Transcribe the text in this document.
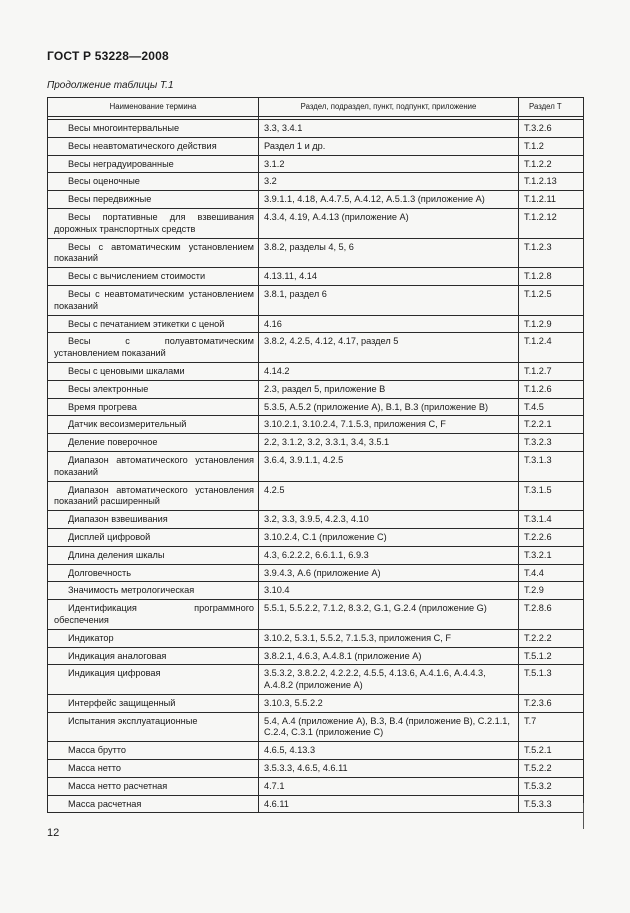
ГОСТ Р 53228—2008
Продолжение таблицы Т.1
Наименование термина	Раздел, подраздел, пункт, подпункт, приложение	Раздел Т

Весы многоинтервальные	3.3, 3.4.1	Т.3.2.6

Весы неавтоматического действия	Раздел 1 и др.	Т.1.2

Весы неградуированные	3.1.2	Т.1.2.2

Весы оценочные	3.2	Т.1.2.13

Весы передвижные	3.9.1.1, 4.18, А.4.7.5, А.4.12, А.5.1.3 (приложение А)	Т.1.2.11

Весы портативные для взвешивания дорожных транспортных средств	4.3.4, 4.19, А.4.13 (приложение А)	Т.1.2.12

Весы с автоматическим установлением показаний	3.8.2, разделы 4, 5, 6	Т.1.2.3

Весы с вычислением стоимости	4.13.11, 4.14	Т.1.2.8

Весы с неавтоматическим установлением показаний	3.8.1, раздел 6	Т.1.2.5

Весы с печатанием этикетки с ценой	4.16	Т.1.2.9

Весы с полуавтоматическим установлением показаний	3.8.2, 4.2.5, 4.12, 4.17, раздел 5	Т.1.2.4

Весы с ценовыми шкалами	4.14.2	Т.1.2.7

Весы электронные	2.3, раздел 5, приложение В	Т.1.2.6

Время прогрева	5.3.5, А.5.2 (приложение А), В.1, В.3 (приложение В)	Т.4.5

Датчик весоизмерительный	3.10.2.1, 3.10.2.4, 7.1.5.3, приложения С, F	Т.2.2.1

Деление поверочное	2.2, 3.1.2, 3.2, 3.3.1, 3.4, 3.5.1	Т.3.2.3

Диапазон автоматического установления показаний	3.6.4, 3.9.1.1, 4.2.5	Т.3.1.3

Диапазон автоматического установления показаний расширенный	4.2.5	Т.3.1.5

Диапазон взвешивания	3.2, 3.3, 3.9.5, 4.2.3, 4.10	Т.3.1.4

Дисплей цифровой	3.10.2.4, С.1 (приложение С)	Т.2.2.6

Длина деления шкалы	4.3, 6.2.2.2, 6.6.1.1, 6.9.3	Т.3.2.1

Долговечность	3.9.4.3, А.6 (приложение А)	Т.4.4

Значимость метрологическая	3.10.4	Т.2.9

Идентификация программного обеспечения	5.5.1, 5.5.2.2, 7.1.2, 8.3.2, G.1, G.2.4 (приложение G)	Т.2.8.6

Индикатор	3.10.2, 5.3.1, 5.5.2, 7.1.5.3, приложения С, F	Т.2.2.2

Индикация аналоговая	3.8.2.1, 4.6.3, А.4.8.1 (приложение А)	Т.5.1.2

Индикация цифровая	3.5.3.2, 3.8.2.2, 4.2.2.2, 4.5.5, 4.13.6, А.4.1.6, А.4.4.3, А.4.8.2 (приложение А)	Т.5.1.3

Интерфейс защищенный	3.10.3, 5.5.2.2	Т.2.3.6

Испытания эксплуатационные	5.4, А.4 (приложение А), В.3, В.4 (приложение В), С.2.1.1, С.2.4, С.3.1 (приложение С)	Т.7

Масса брутто	4.6.5, 4.13.3	Т.5.2.1

Масса нетто	3.5.3.3, 4.6.5, 4.6.11	Т.5.2.2

Масса нетто расчетная	4.7.1	Т.5.3.2

Масса расчетная	4.6.11	Т.5.3.3
12
